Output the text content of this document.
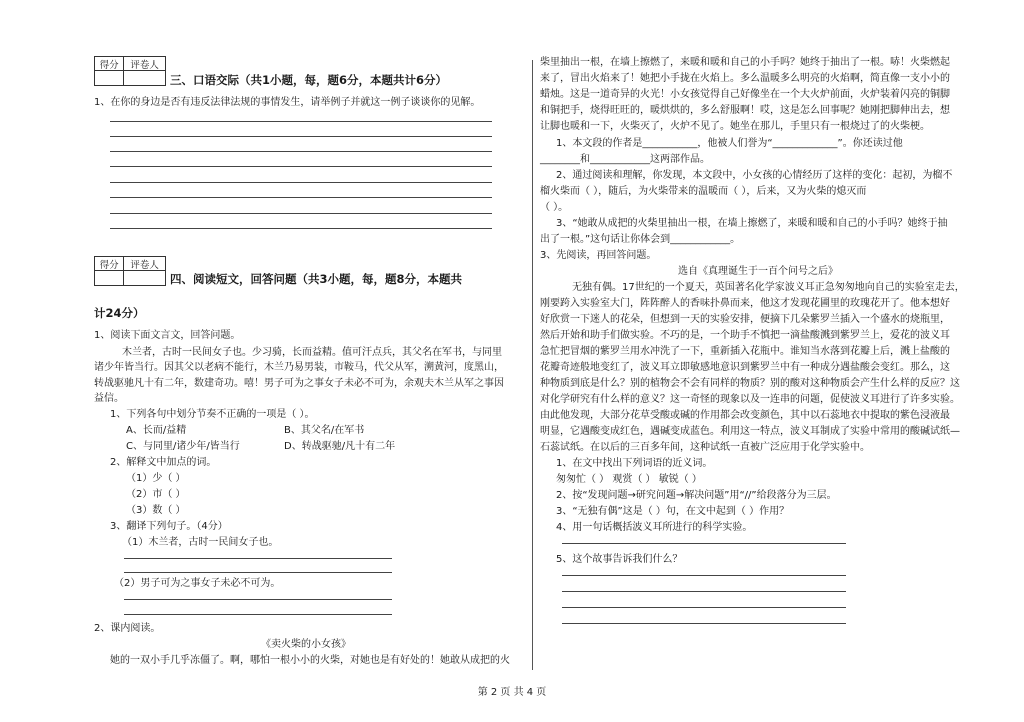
得分	评卷人
三、口语交际（共1小题，每，题6分，本题共计6分）
1、在你的身边是否有违反法律法规的事情发生，请举例子并就这一例子谈谈你的见解。
得分	评卷人
四、阅读短文，回答问题（共3小题，每，题8分，本题共
计24分）
1、阅读下面文言文，回答问题。
木兰者，古时一民间女子也。少习骑，长而益精。值可汗点兵，其父名在军书，与同里
诸少年皆当行。因其父以老病不能行，木兰乃易男装，市鞍马，代父从军，溯黄河，度黑山，
转战驱驰凡十有二年，数建奇功。嘻！男子可为之事女子未必不可为，余观夫木兰从军之事因
益信。
1、下列各句中划分节奏不正确的一项是（ ）。
A、长而/益精	B、其父名/在军书
C、与同里/诸少年/皆当行	D、转战驱驰/凡十有二年
2、解释文中加点的词。
（1）少（ ）
（2）市（ ）
（3）数（ ）
3、翻译下列句子。（4分）
（1）木兰者，古时一民间女子也。
（2）男子可为之事女子未必不可为。
2、课内阅读。
《卖火柴的小女孩》
她的一双小手几乎冻僵了。啊，哪怕一根小小的火柴，对她也是有好处的！她敢从成把的火
柴里抽出一根，在墙上擦燃了，来暖和暖和自己的小手吗？她终于抽出了一根。哧！火柴燃起
来了，冒出火焰来了！她把小手拢在火焰上。多么温暖多么明亮的火焰啊，简直像一支小小的
蜡烛。这是一道奇异的火光！小女孩觉得自己好像坐在一个大火炉前面，火炉装着闪亮的铜脚
和铜把手，烧得旺旺的，暖烘烘的，多么舒服啊！哎，这是怎么回事呢？她刚把脚伸出去，想
让脚也暖和一下，火柴灭了，火炉不见了。她坐在那儿，手里只有一根烧过了的火柴梗。
1、本文段的作者是___________，他被人们誉为“_____________”。你还读过他
________和____________这两部作品。
2、通过阅读和理解，你发现，本文段中，小女孩的心情经历了这样的变化：起初，为榴不
榴火柴而（ ），随后，为火柴带来的温暖而（ ），后来，又为火柴的熄灭而
（ ）。
3、“她敢从成把的火柴里抽出一根，在墙上擦燃了，来暖和暖和自己的小手吗？她终于抽
出了一根。”这句话让你体会到____________。
3、先阅读，再回答问题。
选自《真理诞生于一百个问号之后》
无独有偶。17世纪的一个夏天，英国著名化学家波义耳正急匆匆地向自己的实验室走去，
刚要跨入实验室大门，阵阵醉人的香味扑鼻而来，他这才发现花圃里的玫瑰花开了。他本想好
好欣赏一下迷人的花朵，但想到一天的实验安排，便摘下几朵紫罗兰插入一个盛水的烧瓶里，
然后开始和助手们做实验。不巧的是，一个助手不慎把一滴盐酸溅到紫罗兰上，爱花的波义耳
急忙把冒烟的紫罗兰用水冲洗了一下，重新插入花瓶中。谁知当水落到花瓣上后，溅上盐酸的
花瓣奇迹般地变红了，波义耳立即敏感地意识到紫罗兰中有一种成分遇盐酸会变红。那么，这
种物质到底是什么？别的植物会不会有同样的物质？别的酸对这种物质会产生什么样的反应？这
对化学研究有什么样的意义？这一奇怪的现象以及一连串的问题，促使波义耳进行了许多实验。
由此他发现，大部分花草受酸或碱的作用都会改变颜色，其中以石蕊地衣中提取的紫色浸液最
明显，它遇酸变成红色，遇碱变成蓝色。利用这一特点，波义耳制成了实验中常用的酸碱试纸—
石蕊试纸。在以后的三百多年间，这种试纸一直被广泛应用于化学实验中。
1、在文中找出下列词语的近义词。
匆匆忙（ ） 观赏（ ） 敏锐（ ）
2、按“发现问题→研究问题→解决问题”用“//”给段落分为三层。
3、“无独有偶”这是（ ）句，在文中起到（ ）作用？
4、用一句话概括波义耳所进行的科学实验。
5、这个故事告诉我们什么？
第 2 页 共 4 页
